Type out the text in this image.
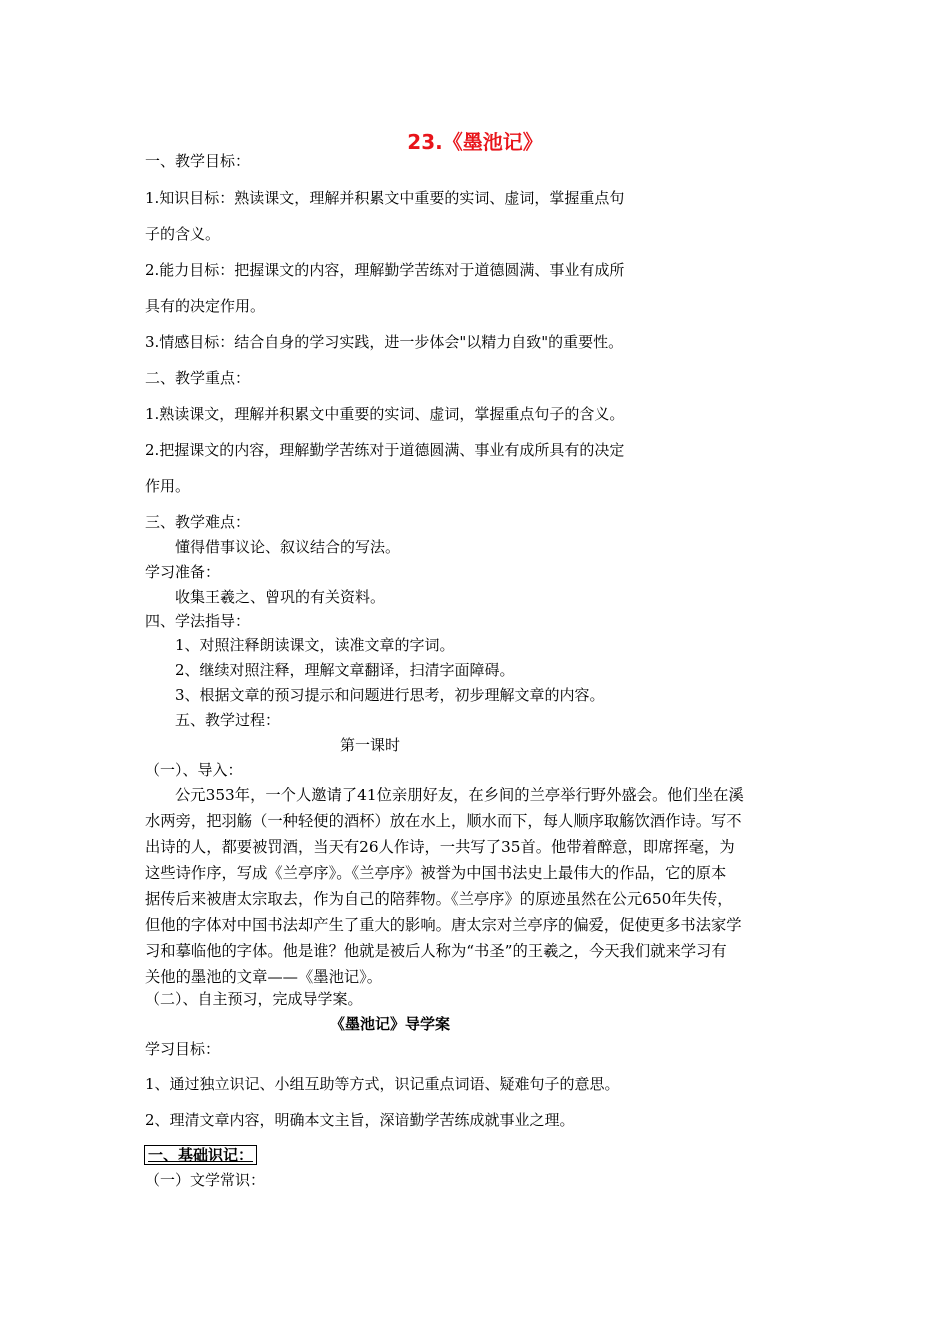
23.《墨池记》
一、教学目标：
1.知识目标：熟读课文，理解并积累文中重要的实词、虚词，掌握重点句
子的含义。
2.能力目标：把握课文的内容，理解勤学苦练对于道德圆满、事业有成所
具有的决定作用。
3.情感目标：结合自身的学习实践，进一步体会"以精力自致"的重要性。
二、教学重点：
1.熟读课文，理解并积累文中重要的实词、虚词，掌握重点句子的含义。
2.把握课文的内容，理解勤学苦练对于道德圆满、事业有成所具有的决定
作用。
三、教学难点：
懂得借事议论、叙议结合的写法。
学习准备：
收集王羲之、曾巩的有关资料。
四、学法指导：
1、对照注释朗读课文，读准文章的字词。
2、继续对照注释，理解文章翻译，扫清字面障碍。
3、根据文章的预习提示和问题进行思考，初步理解文章的内容。
五、教学过程：
第一课时
（一）、导入：
公元353年，一个人邀请了41位亲朋好友，在乡间的兰亭举行野外盛会。他们坐在溪
水两旁，把羽觞（一种轻便的酒杯）放在水上，顺水而下，每人顺序取觞饮酒作诗。写不
出诗的人，都要被罚酒，当天有26人作诗，一共写了35首。他带着醉意，即席挥毫，为
这些诗作序，写成《兰亭序》。《兰亭序》被誉为中国书法史上最伟大的作品，它的原本
据传后来被唐太宗取去，作为自己的陪葬物。《兰亭序》的原迹虽然在公元650年失传，
但他的字体对中国书法却产生了重大的影响。唐太宗对兰亭序的偏爱，促使更多书法家学
习和摹临他的字体。他是谁？他就是被后人称为“书圣”的王羲之，今天我们就来学习有
关他的墨池的文章——《墨池记》。
（二）、自主预习，完成导学案。
《墨池记》导学案
学习目标：
1、通过独立识记、小组互助等方式，识记重点词语、疑难句子的意思。
2、理清文章内容，明确本文主旨，深谙勤学苦练成就事业之理。
一、基础识记：
（一）文学常识：
